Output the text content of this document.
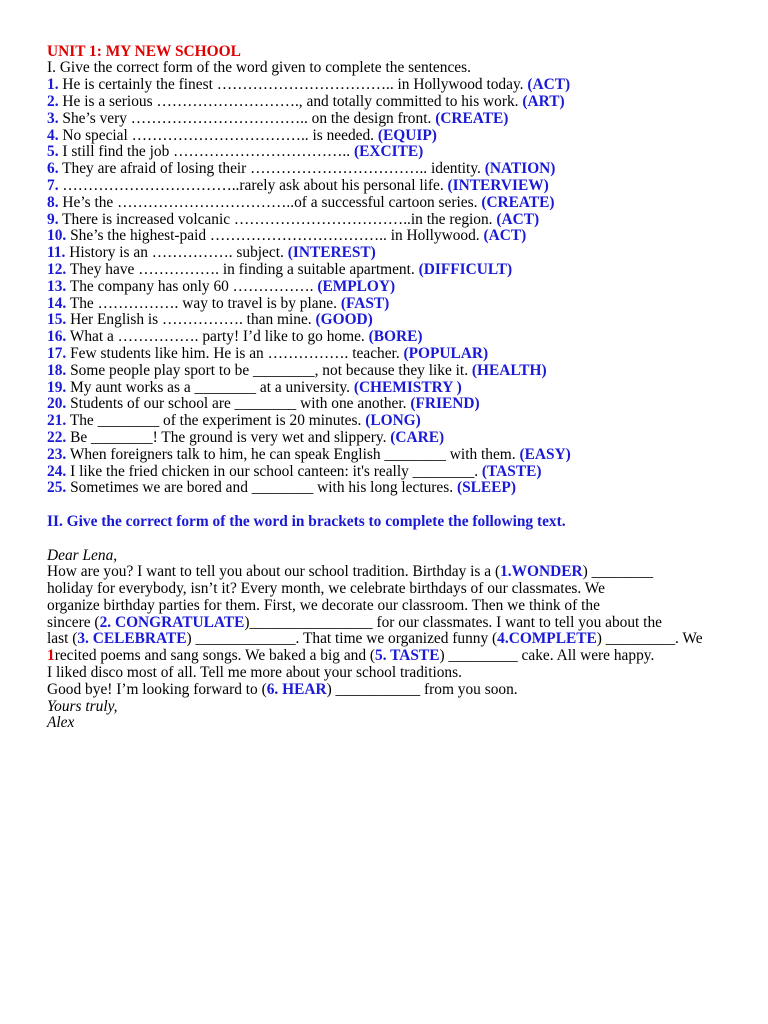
UNIT 1: MY NEW SCHOOL
I. Give the correct form of the word given to complete the sentences.
1. He is certainly the finest …………………………….. in Hollywood today. (ACT)
2. He is a serious ………………………., and totally committed to his work. (ART)
3. She’s very …………………………….. on the design front. (CREATE)
4. No special …………………………….. is needed. (EQUIP)
5. I still find the job …………………………….. (EXCITE)
6. They are afraid of losing their …………………………….. identity. (NATION)
7. ……………………………..rarely ask about his personal life. (INTERVIEW)
8. He’s the ……………………………..of a successful cartoon series. (CREATE)
9. There is increased volcanic ……………………………..in the region. (ACT)
10. She’s the highest-paid …………………………….. in Hollywood. (ACT)
11. History is an ……………. subject. (INTEREST)
12. They have ……………. in finding a suitable apartment. (DIFFICULT)
13. The company has only 60 ……………. (EMPLOY)
14. The ……………. way to travel is by plane. (FAST)
15. Her English is ……………. than mine. (GOOD)
16. What a ……………. party! I’d like to go home. (BORE)
17. Few students like him. He is an ……………. teacher. (POPULAR)
18. Some people play sport to be ________, not because they like it. (HEALTH)
19. My aunt works as a ________ at a university. (CHEMISTRY )
20. Students of our school are ________ with one another. (FRIEND)
21. The ________ of the experiment is 20 minutes. (LONG)
22. Be ________! The ground is very wet and slippery. (CARE)
23. When foreigners talk to him, he can speak English ________ with them. (EASY)
24. I like the fried chicken in our school canteen: it's really ________. (TASTE)
25. Sometimes we are bored and ________ with his long lectures. (SLEEP)
II. Give the correct form of the word in brackets to complete the following text.
Dear Lena,
How are you? I want to tell you about our school tradition. Birthday is a (1.WONDER) ________
holiday for everybody, isn’t it? Every month, we celebrate birthdays of our classmates. We
organize birthday parties for them. First, we decorate our classroom. Then we think of the
sincere (2. CONGRATULATE)________________ for our classmates. I want to tell you about the
last (3. CELEBRATE) _____________. That time we organized funny (4.COMPLETE) _________. We
1recited poems and sang songs. We baked a big and (5. TASTE) _________ cake. All were happy.
I liked disco most of all. Tell me more about your school traditions.
Good bye! I’m looking forward to (6. HEAR) ___________ from you soon.
Yours truly,
Alex
